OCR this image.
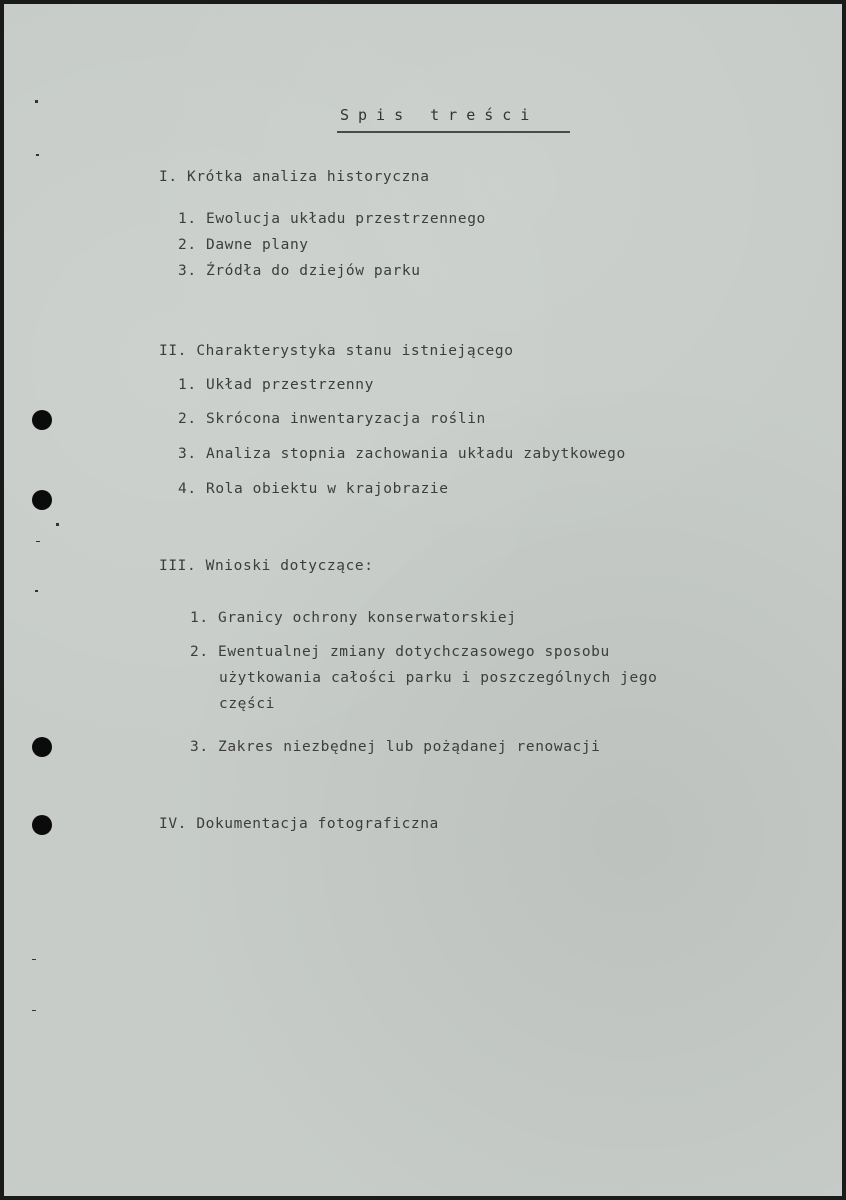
Spis treści
I. Krótka analiza historyczna
1. Ewolucja układu przestrzennego
2. Dawne plany
3. Źródła do dziejów parku
II. Charakterystyka stanu istniejącego
1. Układ przestrzenny
2. Skrócona inwentaryzacja roślin
3. Analiza stopnia zachowania układu zabytkowego
4. Rola obiektu w krajobrazie
III. Wnioski dotyczące:
1. Granicy ochrony konserwatorskiej
2. Ewentualnej zmiany dotychczasowego sposobu
użytkowania całości parku i poszczególnych jego
części
3. Zakres niezbędnej lub pożądanej renowacji
IV. Dokumentacja fotograficzna
